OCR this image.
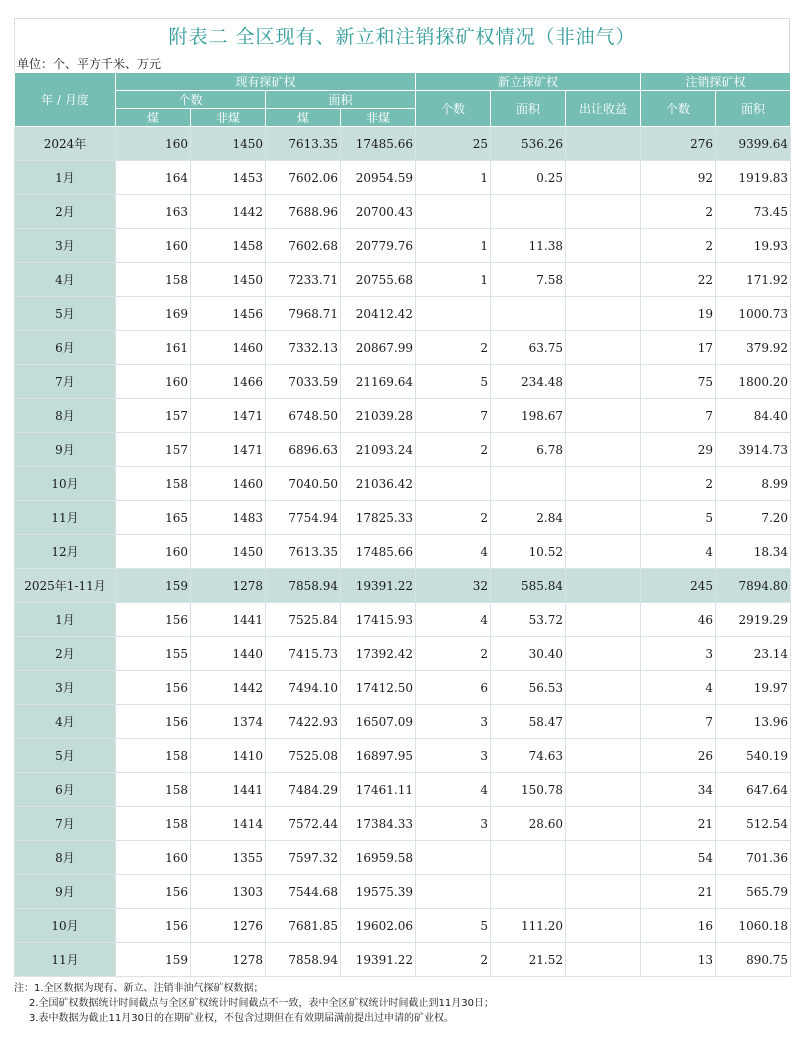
附表二 全区现有、新立和注销探矿权情况（非油气）
单位：个、平方千米、万元
年 / 月度	现有探矿权				新立探矿权			注销探矿权	
	个数		面积		个数	面积	出让收益	个数	面积
	煤	非煤	煤	非煤					
2024年	160	1450	7613.35	17485.66	25	536.26		276	9399.64
1月	164	1453	7602.06	20954.59	1	0.25		92	1919.83
2月	163	1442	7688.96	20700.43				2	73.45
3月	160	1458	7602.68	20779.76	1	11.38		2	19.93
4月	158	1450	7233.71	20755.68	1	7.58		22	171.92
5月	169	1456	7968.71	20412.42				19	1000.73
6月	161	1460	7332.13	20867.99	2	63.75		17	379.92
7月	160	1466	7033.59	21169.64	5	234.48		75	1800.20
8月	157	1471	6748.50	21039.28	7	198.67		7	84.40
9月	157	1471	6896.63	21093.24	2	6.78		29	3914.73
10月	158	1460	7040.50	21036.42				2	8.99
11月	165	1483	7754.94	17825.33	2	2.84		5	7.20
12月	160	1450	7613.35	17485.66	4	10.52		4	18.34
2025年1-11月	159	1278	7858.94	19391.22	32	585.84		245	7894.80
1月	156	1441	7525.84	17415.93	4	53.72		46	2919.29
2月	155	1440	7415.73	17392.42	2	30.40		3	23.14
3月	156	1442	7494.10	17412.50	6	56.53		4	19.97
4月	156	1374	7422.93	16507.09	3	58.47		7	13.96
5月	158	1410	7525.08	16897.95	3	74.63		26	540.19
6月	158	1441	7484.29	17461.11	4	150.78		34	647.64
7月	158	1414	7572.44	17384.33	3	28.60		21	512.54
8月	160	1355	7597.32	16959.58				54	701.36
9月	156	1303	7544.68	19575.39				21	565.79
10月	156	1276	7681.85	19602.06	5	111.20		16	1060.18
11月	159	1278	7858.94	19391.22	2	21.52		13	890.75
注：1.全区数据为现有、新立、注销非油气探矿权数据；
2.全国矿权数据统计时间截点与全区矿权统计时间截点不一致，表中全区矿权统计时间截止到11月30日；
3.表中数据为截止11月30日的在期矿业权，不包含过期但在有效期届满前提出过申请的矿业权。
